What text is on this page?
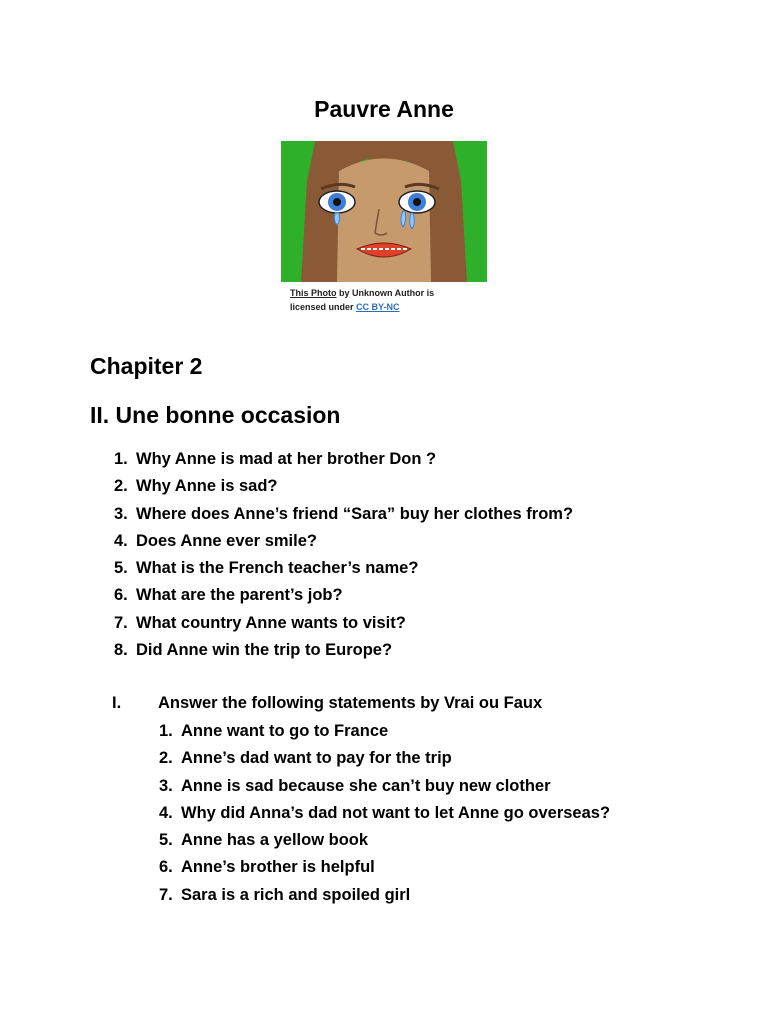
Pauvre Anne
This Photo by Unknown Author is
licensed under CC BY-NC
Chapiter 2
II. Une bonne occasion
1. Why Anne is mad at her brother Don ?
2. Why Anne is sad?
3. Where does Anne’s friend “Sara” buy her clothes from?
4. Does Anne ever smile?
5. What is the French teacher’s name?
6. What are the parent’s job?
7. What country Anne wants to visit?
8. Did Anne win the trip to Europe?
I. Answer the following statements by Vrai ou Faux
1. Anne want to go to France
2. Anne’s dad want to pay for the trip
3. Anne is sad because she can’t buy new clother
4. Why did Anna’s dad not want to let Anne go overseas?
5. Anne has a yellow book
6. Anne’s brother is helpful
7. Sara is a rich and spoiled girl
